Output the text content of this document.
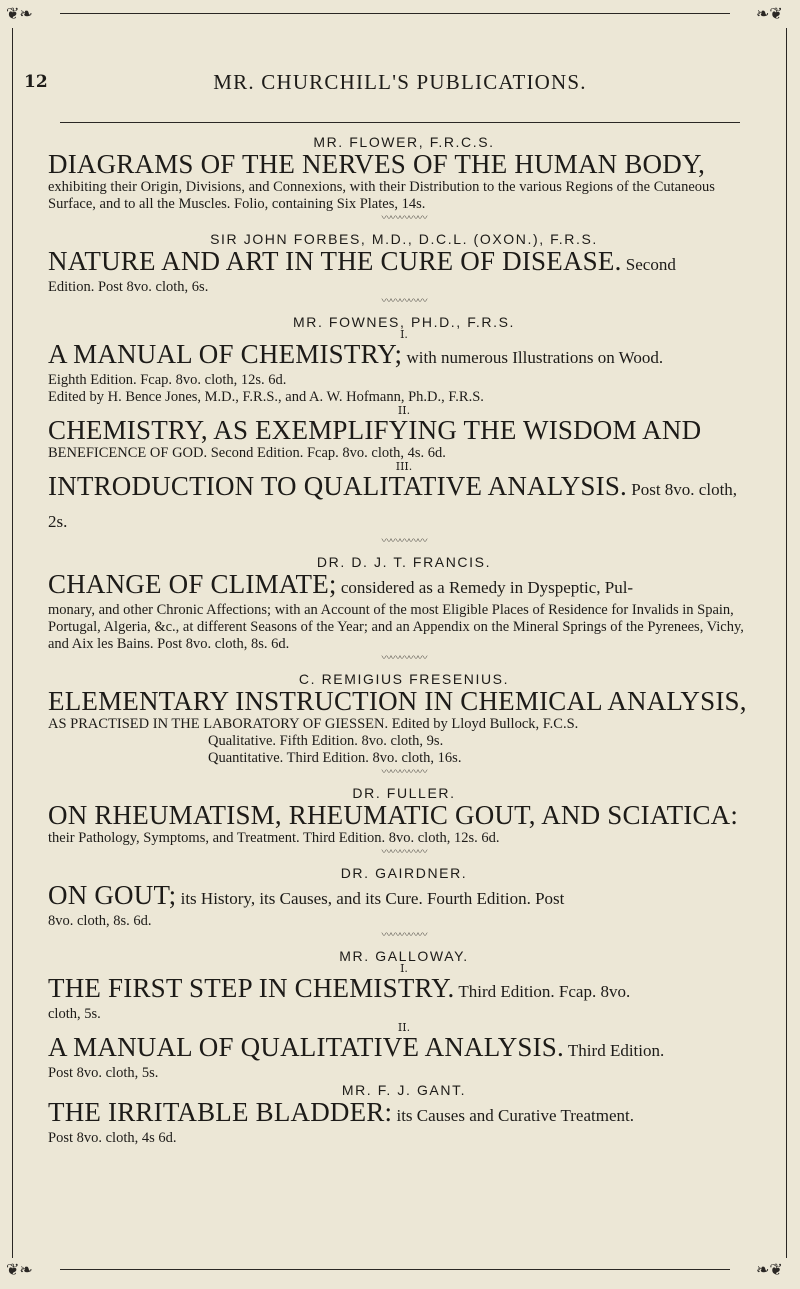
❦❧	❧❦
12	MR. CHURCHILL'S PUBLICATIONS.
MR. FLOWER, F.R.C.S.
DIAGRAMS OF THE NERVES OF THE HUMAN BODY,
exhibiting their Origin, Divisions, and Connexions, with their Distribution to the various Regions of the Cutaneous Surface, and to all the Muscles. Folio, containing Six Plates, 14s.
〰〰〰〰〰
SIR JOHN FORBES, M.D., D.C.L. (OXON.), F.R.S.
NATURE AND ART IN THE CURE OF DISEASE. Second
Edition. Post 8vo. cloth, 6s.
〰〰〰〰〰
MR. FOWNES, PH.D., F.R.S.
I.
A MANUAL OF CHEMISTRY; with numerous Illustrations on Wood.
Eighth Edition. Fcap. 8vo. cloth, 12s. 6d.
Edited by H. Bence Jones, M.D., F.R.S., and A. W. Hofmann, Ph.D., F.R.S.
II.
CHEMISTRY, AS EXEMPLIFYING THE WISDOM AND
BENEFICENCE OF GOD. Second Edition. Fcap. 8vo. cloth, 4s. 6d.
III.
INTRODUCTION TO QUALITATIVE ANALYSIS. Post 8vo. cloth, 2s.
〰〰〰〰〰
DR. D. J. T. FRANCIS.
CHANGE OF CLIMATE; considered as a Remedy in Dyspeptic, Pul-
monary, and other Chronic Affections; with an Account of the most Eligible Places of Residence for Invalids in Spain, Portugal, Algeria, &c., at different Seasons of the Year; and an Appendix on the Mineral Springs of the Pyrenees, Vichy, and Aix les Bains. Post 8vo. cloth, 8s. 6d.
〰〰〰〰〰
C. REMIGIUS FRESENIUS.
ELEMENTARY INSTRUCTION IN CHEMICAL ANALYSIS,
AS PRACTISED IN THE LABORATORY OF GIESSEN. Edited by Lloyd Bullock, F.C.S.
Qualitative. Fifth Edition. 8vo. cloth, 9s.
Quantitative. Third Edition. 8vo. cloth, 16s.
〰〰〰〰〰
DR. FULLER.
ON RHEUMATISM, RHEUMATIC GOUT, AND SCIATICA:
their Pathology, Symptoms, and Treatment. Third Edition. 8vo. cloth, 12s. 6d.
〰〰〰〰〰
DR. GAIRDNER.
ON GOUT; its History, its Causes, and its Cure. Fourth Edition. Post
8vo. cloth, 8s. 6d.
〰〰〰〰〰
MR. GALLOWAY.
I.
THE FIRST STEP IN CHEMISTRY. Third Edition. Fcap. 8vo.
cloth, 5s.
II.
A MANUAL OF QUALITATIVE ANALYSIS. Third Edition.
Post 8vo. cloth, 5s.
MR. F. J. GANT.
THE IRRITABLE BLADDER: its Causes and Curative Treatment.
Post 8vo. cloth, 4s 6d.
❦❧	❧❦
